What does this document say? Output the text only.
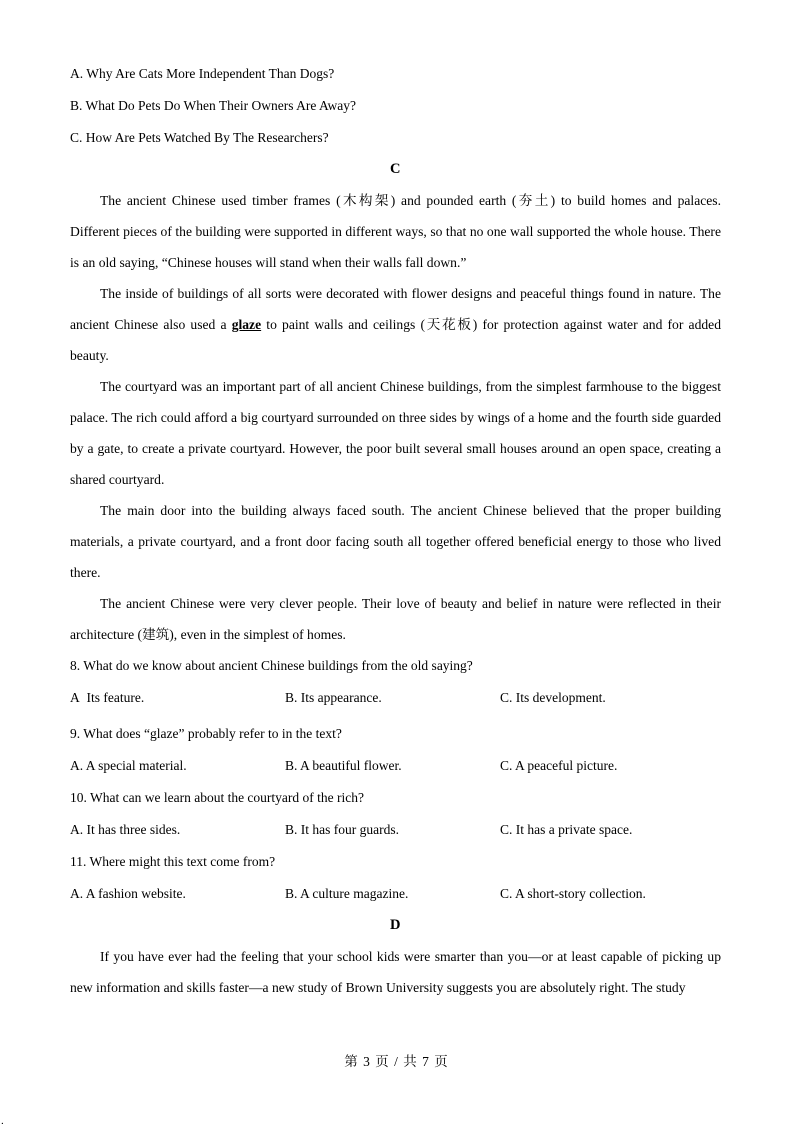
A. Why Are Cats More Independent Than Dogs?

B. What Do Pets Do When Their Owners Are Away?

C. How Are Pets Watched By The Researchers?

C

The ancient Chinese used timber frames (木构架) and pounded earth (夯土) to build homes and palaces. Different pieces of the building were supported in different ways, so that no one wall supported the whole house. There is an old saying, “Chinese houses will stand when their walls fall down.”

The inside of buildings of all sorts were decorated with flower designs and peaceful things found in nature. The ancient Chinese also used a glaze to paint walls and ceilings (天花板) for protection against water and for added beauty.

The courtyard was an important part of all ancient Chinese buildings, from the simplest farmhouse to the biggest palace. The rich could afford a big courtyard surrounded on three sides by wings of a home and the fourth side guarded by a gate, to create a private courtyard. However, the poor built several small houses around an open space, creating a shared courtyard.

The main door into the building always faced south. The ancient Chinese believed that the proper building materials, a private courtyard, and a front door facing south all together offered beneficial energy to those who lived there.

The ancient Chinese were very clever people. Their love of beauty and belief in nature were reflected in their architecture (建筑), even in the simplest of homes.

8. What do we know about ancient Chinese buildings from the old saying?

A
.
Its feature.	B. Its appearance.	C. Its development.

9. What does “glaze” probably refer to in the text?

A. A special material.	B. A beautiful flower.	C. A peaceful picture.

10. What can we learn about the courtyard of the rich?

A. It has three sides.	B. It has four guards.	C. It has a private space.

11. Where might this text come from?

A. A fashion website.	B. A culture magazine.	C. A short-story collection.

D

If you have ever had the feeling that your school kids were smarter than you—or at least capable of picking up new information and skills faster—a new study of Brown University suggests you are absolutely right. The study

第 3 页 / 共 7 页
